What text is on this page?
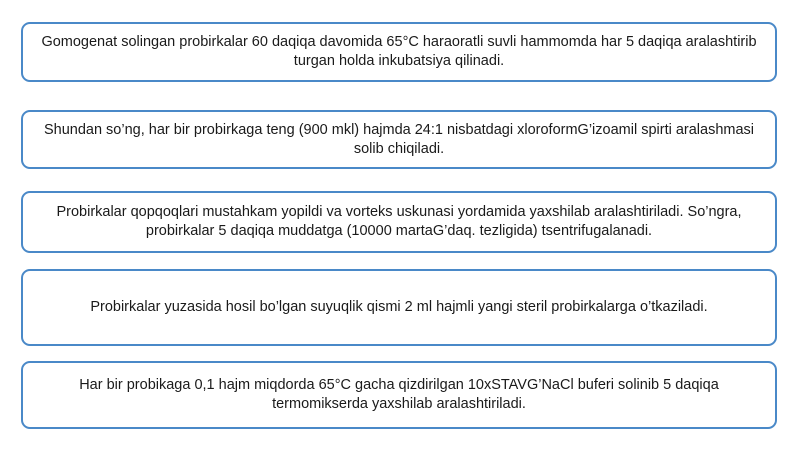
Gomogenat solingan probirkalar 60 daqiqa davomida 65°C haraoratli suvli hammomda har 5 daqiqa aralashtirib turgan holda inkubatsiya qilinadi.
Shundan so’ng, har bir probirkaga teng (900 mkl) hajmda 24:1 nisbatdagi xloroformG’izoamil spirti aralashmasi solib chiqiladi.
Probirkalar qopqoqlari mustahkam yopildi va vorteks uskunasi yordamida yaxshilab aralashtiriladi. So’ngra, probirkalar 5 daqiqa muddatga (10000 martaG’daq. tezligida) tsentrifugalanadi.
Probirkalar yuzasida hosil bo’lgan suyuqlik qismi 2 ml hajmli yangi steril probirkalarga o’tkaziladi.
Har bir probikaga 0,1 hajm miqdorda 65°C gacha qizdirilgan 10xSTAVG’NaCl buferi solinib 5 daqiqa termomikserda yaxshilab aralashtiriladi.
